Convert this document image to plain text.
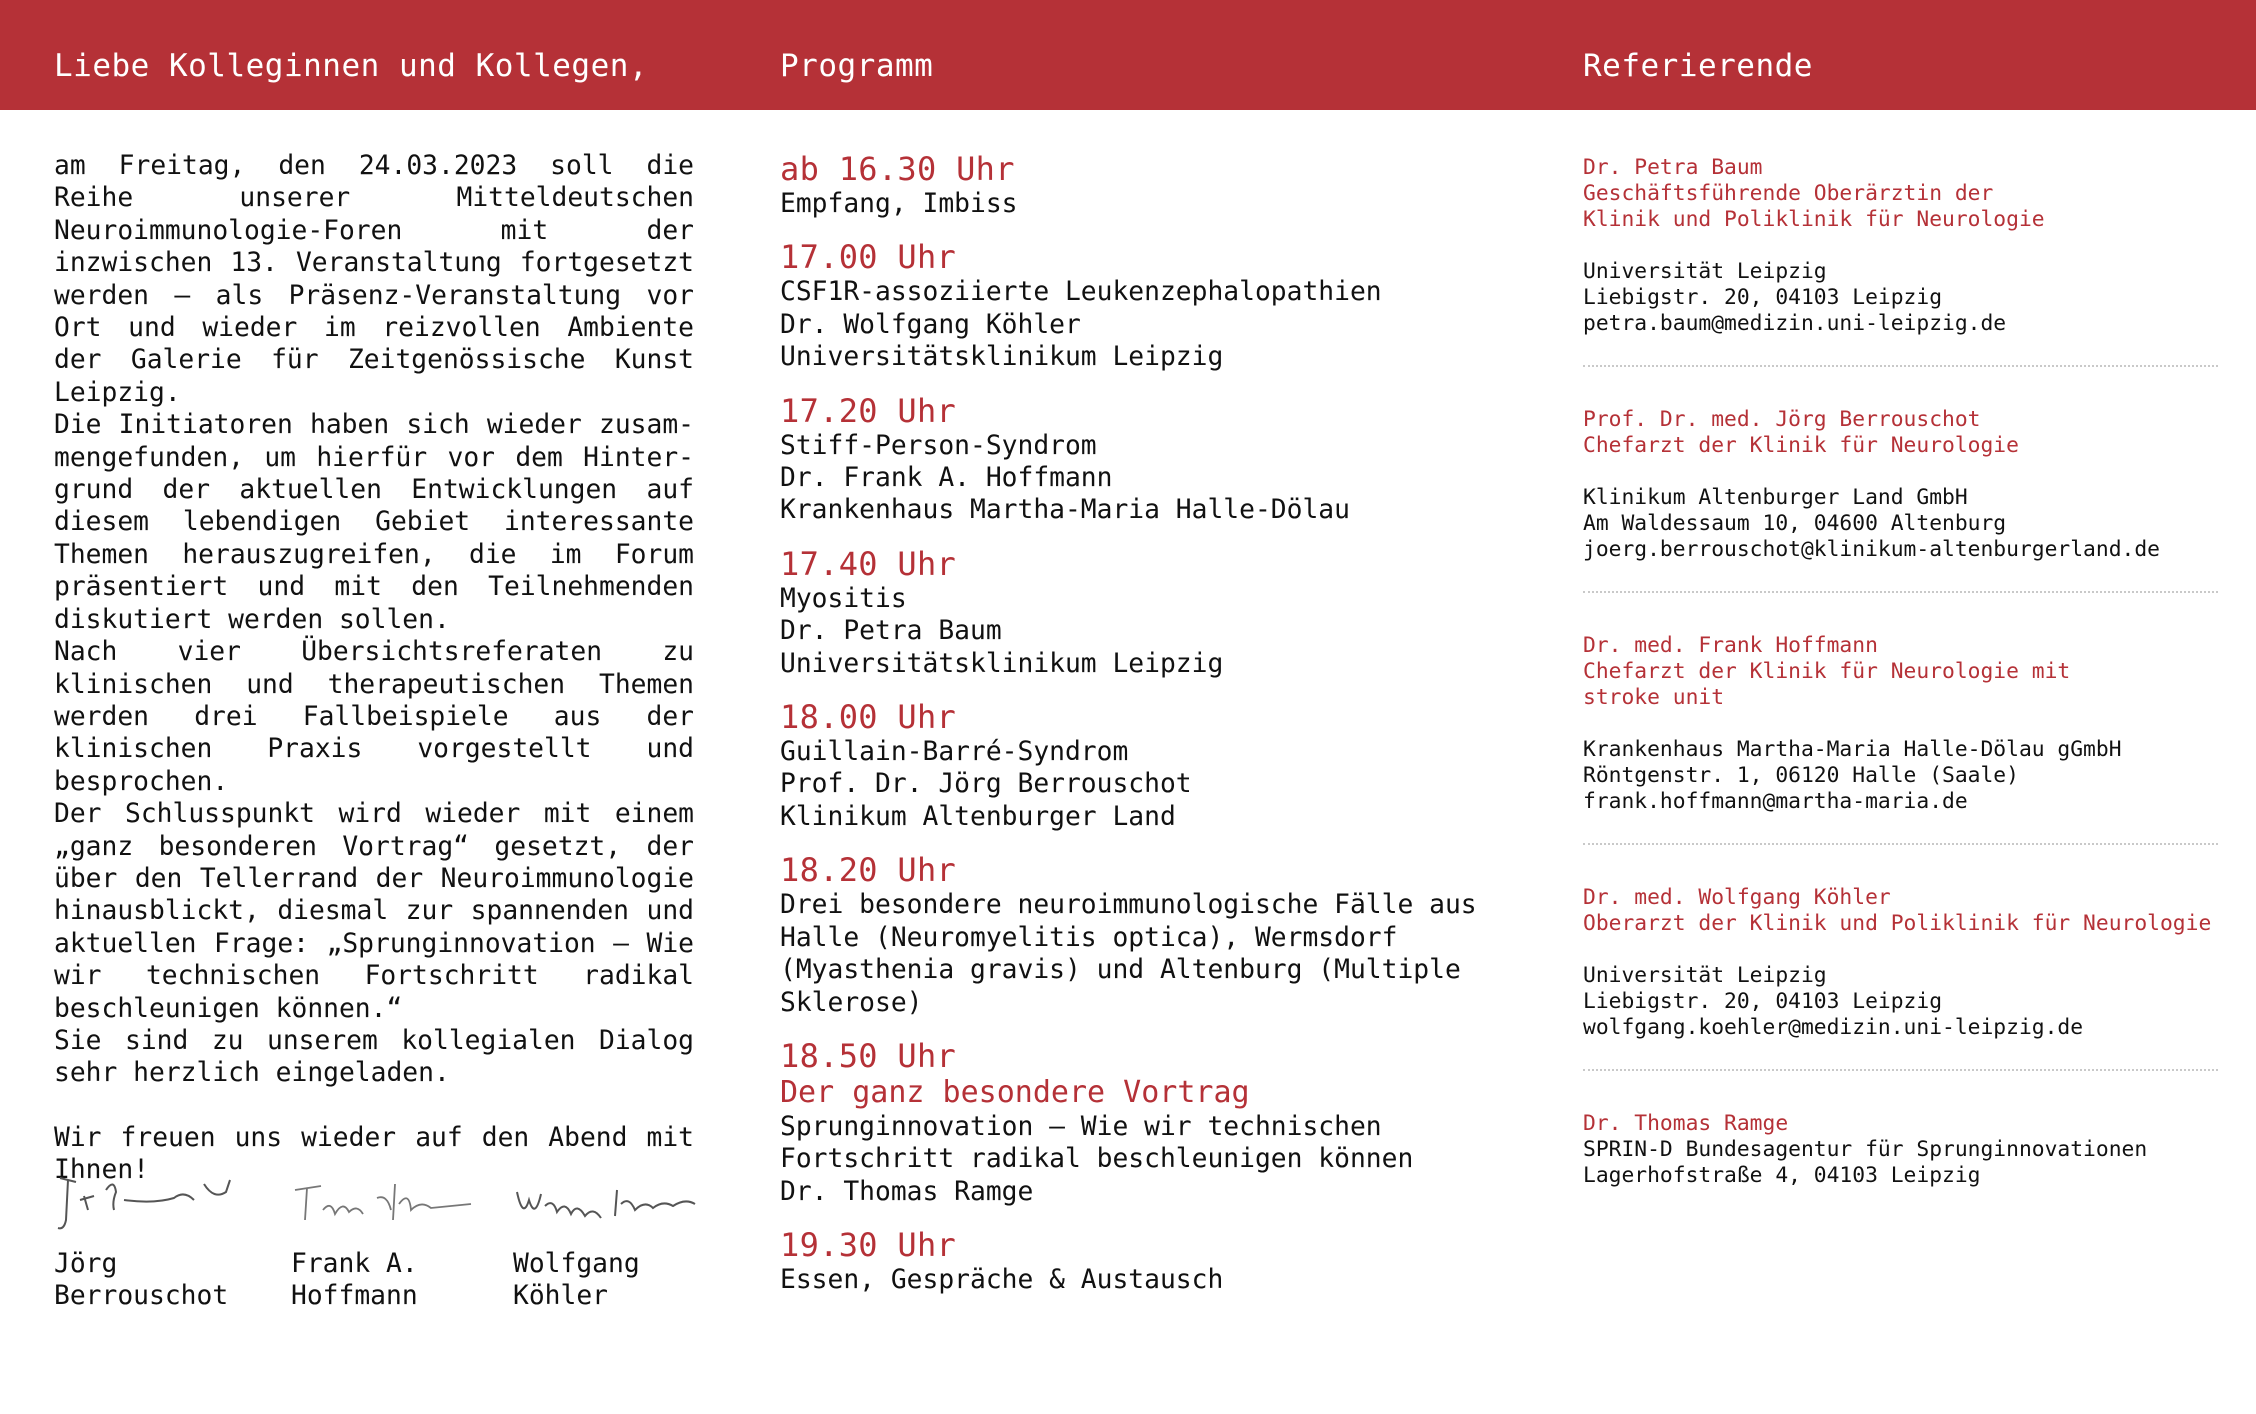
Liebe Kolleginnen und Kollegen,	Programm	Referierende

am Freitag, den 24.03.2023 soll die Reihe unserer Mitteldeutschen Neuroimmunologie-Foren mit der inzwischen 13. Veranstaltung fortgesetzt werden – als Präsenz-Veranstaltung vor Ort und wieder im reizvollen Ambiente der Galerie für Zeitgenössische Kunst Leipzig.

Die Initiatoren haben sich wieder zusammengefunden, um hierfür vor dem Hintergrund der aktuellen Entwicklungen auf diesem lebendigen Gebiet interessante Themen herauszugreifen, die im Forum präsentiert und mit den Teilnehmenden diskutiert werden sollen.

Nach vier Übersichtsreferaten zu klinischen und therapeutischen Themen werden drei Fallbeispiele aus der klinischen Praxis vorgestellt und besprochen.

Der Schlusspunkt wird wieder mit einem „ganz besonderen Vortrag“ gesetzt, der über den Tellerrand der Neuroimmunologie hinausblickt, diesmal zur spannenden und aktuellen Frage: „Sprunginnovation – Wie wir technischen Fortschritt radikal beschleunigen können.“

Sie sind zu unserem kollegialen Dialog sehr herzlich eingeladen.

Wir freuen uns wieder auf den Abend mit Ihnen!

Jörg
Berrouschot
Frank A.
Hoffmann
Wolfgang
Köhler
ab 16.30 Uhr
Empfang, Imbiss
17.00 Uhr
CSF1R-assoziierte Leukenzephalopathien
Dr. Wolfgang Köhler
Universitätsklinikum Leipzig
17.20 Uhr
Stiff-Person-Syndrom
Dr. Frank A. Hoffmann
Krankenhaus Martha-Maria Halle-Dölau
17.40 Uhr
Myositis
Dr. Petra Baum
Universitätsklinikum Leipzig
18.00 Uhr
Guillain-Barré-Syndrom
Prof. Dr. Jörg Berrouschot
Klinikum Altenburger Land
18.20 Uhr
Drei besondere neuroimmunologische Fälle aus Halle (Neuromyelitis optica), Wermsdorf (Myasthenia gravis) und Altenburg (Multiple Sklerose)
18.50 Uhr
Der ganz besondere Vortrag
Sprunginnovation – Wie wir technischen
Fortschritt radikal beschleunigen können
Dr. Thomas Ramge
19.30 Uhr
Essen, Gespräche & Austausch
Dr. Petra Baum
Geschäftsführende Oberärztin der
Klinik und Poliklinik für Neurologie
Universität Leipzig
Liebigstr. 20, 04103 Leipzig
petra.baum@medizin.uni-leipzig.de
Prof. Dr. med. Jörg Berrouschot
Chefarzt der Klinik für Neurologie
Klinikum Altenburger Land GmbH
Am Waldessaum 10, 04600 Altenburg
joerg.berrouschot@klinikum-altenburgerland.de
Dr. med. Frank Hoffmann
Chefarzt der Klinik für Neurologie mit
stroke unit
Krankenhaus Martha-Maria Halle-Dölau gGmbH
Röntgenstr. 1, 06120 Halle (Saale)
frank.hoffmann@martha-maria.de
Dr. med. Wolfgang Köhler
Oberarzt der Klinik und Poliklinik für Neurologie
Universität Leipzig
Liebigstr. 20, 04103 Leipzig
wolfgang.koehler@medizin.uni-leipzig.de
Dr. Thomas Ramge
SPRIN-D Bundesagentur für Sprunginnovationen
Lagerhofstraße 4, 04103 Leipzig
